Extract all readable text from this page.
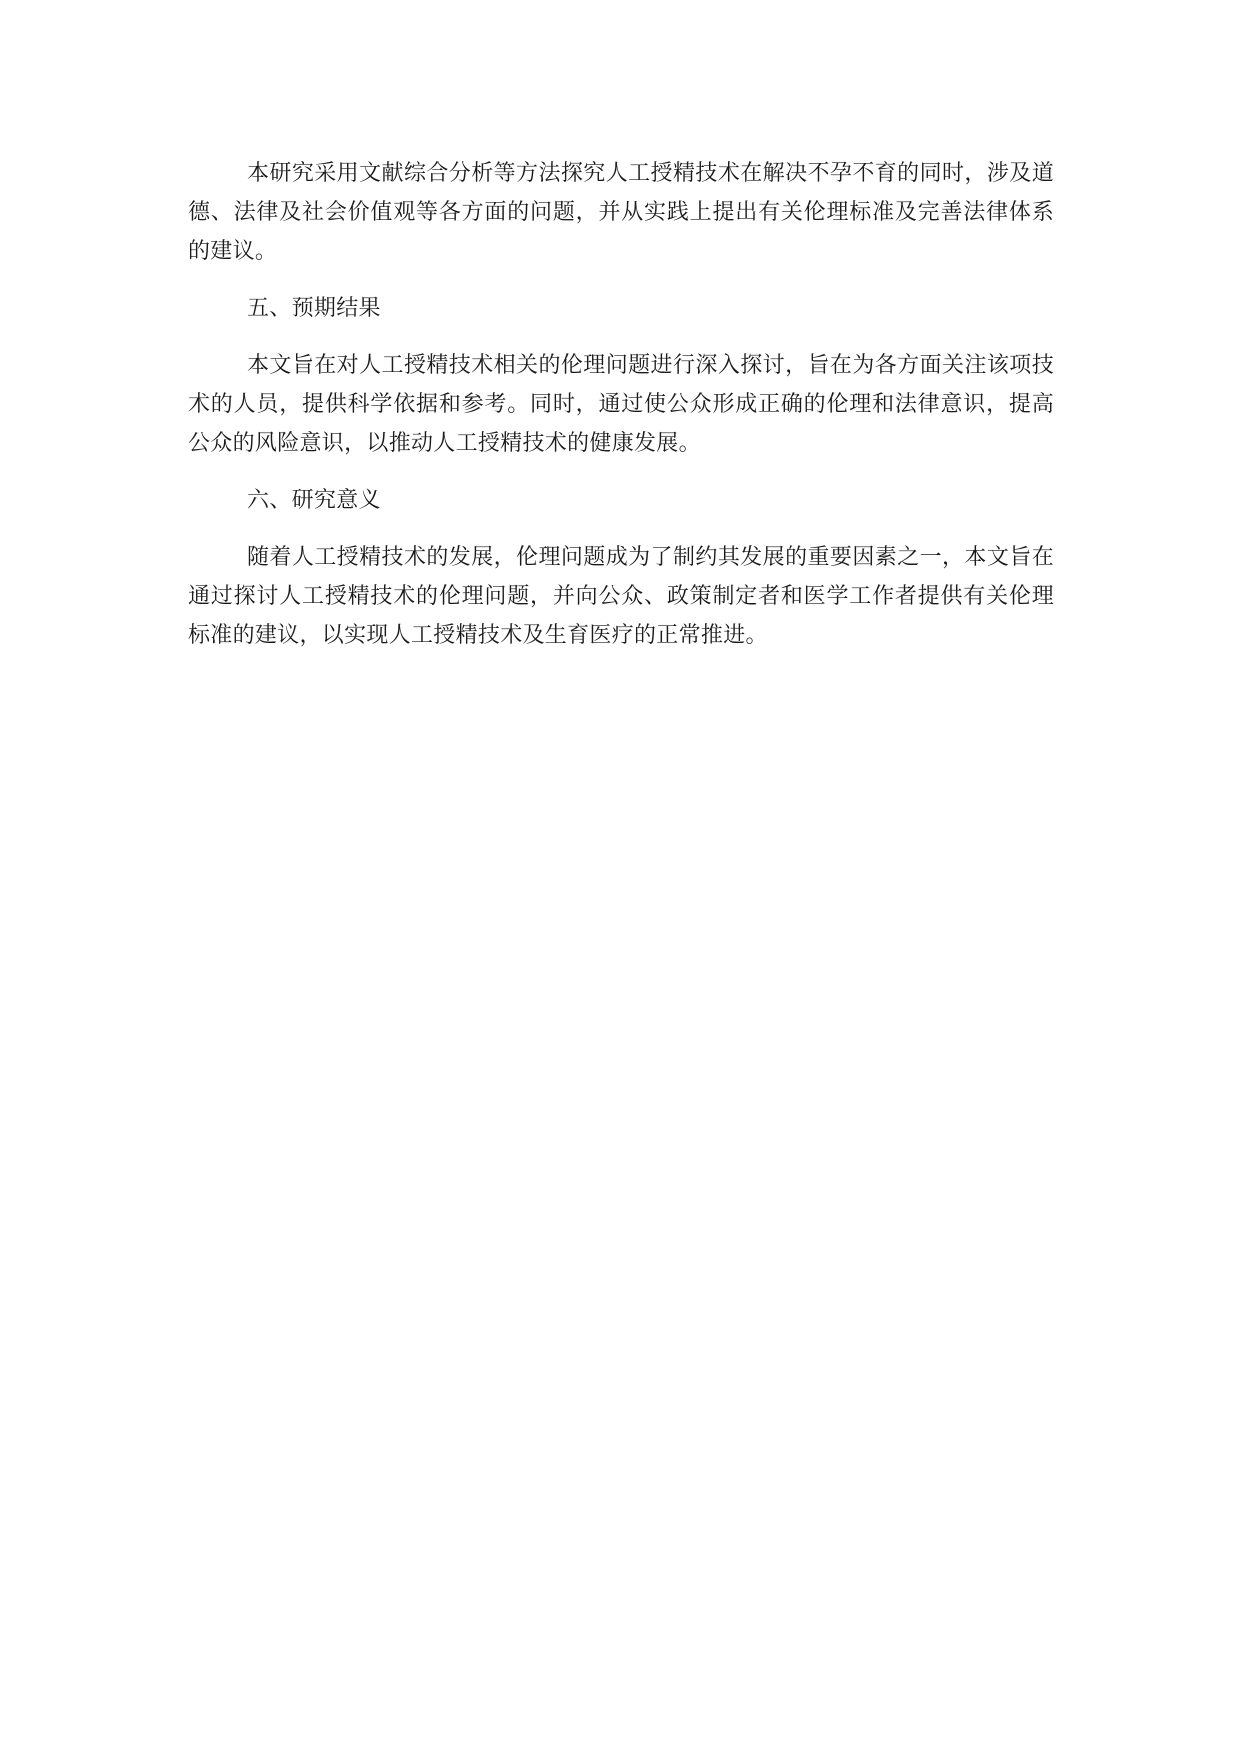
本研究采用文献综合分析等方法探究人工授精技术在解决不孕不育的同时，涉及道德、法律及社会价值观等各方面的问题，并从实践上提出有关伦理标准及完善法律体系的建议。

五、预期结果

本文旨在对人工授精技术相关的伦理问题进行深入探讨，旨在为各方面关注该项技术的人员，提供科学依据和参考。同时，通过使公众形成正确的伦理和法律意识，提高公众的风险意识，以推动人工授精技术的健康发展。

六、研究意义

随着人工授精技术的发展，伦理问题成为了制约其发展的重要因素之一，本文旨在通过探讨人工授精技术的伦理问题，并向公众、政策制定者和医学工作者提供有关伦理标准的建议，以实现人工授精技术及生育医疗的正常推进。
